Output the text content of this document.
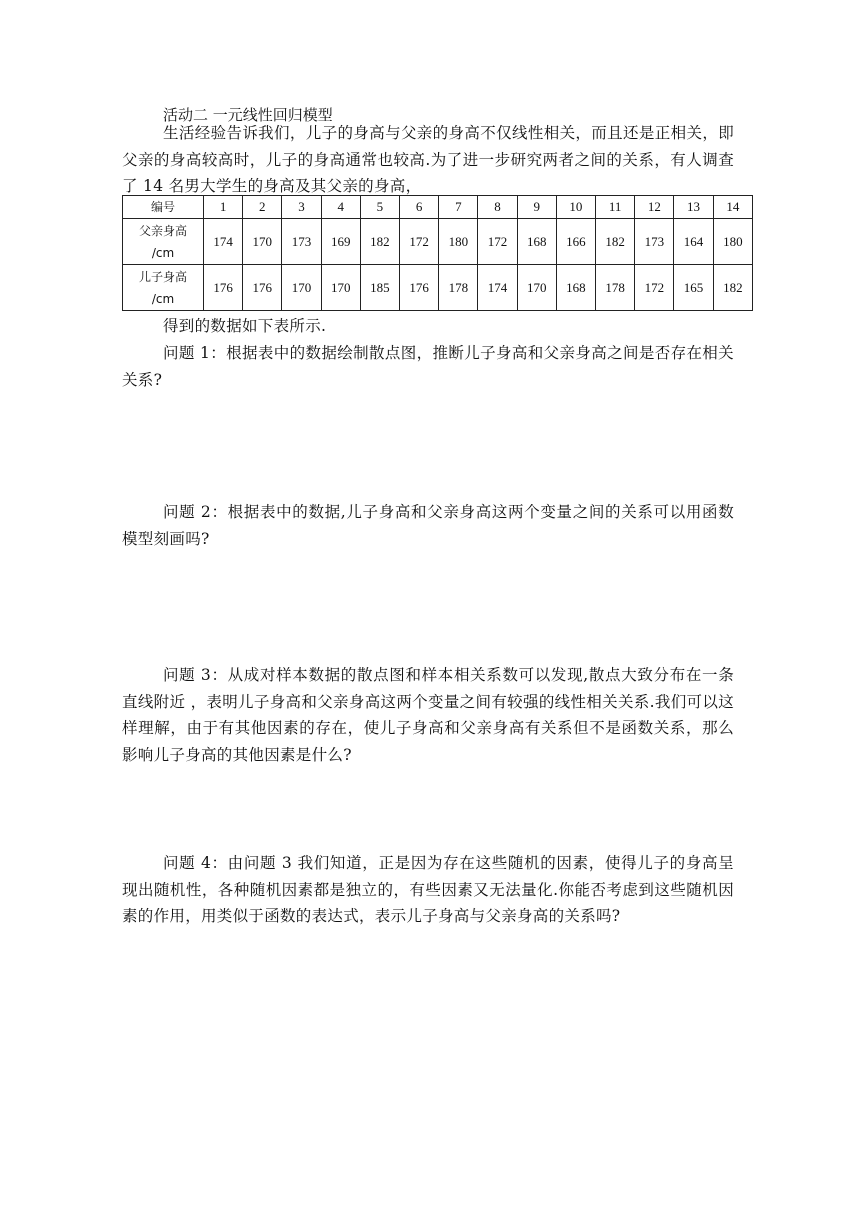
活动二 一元线性回归模型
生活经验告诉我们，儿子的身高与父亲的身高不仅线性相关，而且还是正相关，即父亲的身高较高时，儿子的身高通常也较高.为了进一步研究两者之间的关系，有人调查了 14 名男大学生的身高及其父亲的身高，
编号	1	2	3	4	5	6	7	8	9	10	11	12	13	14

父亲身高
/cm	174	170	173	169	182	172	180	172	168	166	182	173	164	180

儿子身高
/cm	176	176	170	170	185	176	178	174	170	168	178	172	165	182
得到的数据如下表所示.
问题 1：根据表中的数据绘制散点图，推断儿子身高和父亲身高之间是否存在相关关系?
问题 2：根据表中的数据,儿子身高和父亲身高这两个变量之间的关系可以用函数模型刻画吗?
问题 3：从成对样本数据的散点图和样本相关系数可以发现,散点大致分布在一条直线附近 ，表明儿子身高和父亲身高这两个变量之间有较强的线性相关关系.我们可以这样理解，由于有其他因素的存在，使儿子身高和父亲身高有关系但不是函数关系，那么影响儿子身高的其他因素是什么?
问题 4：由问题 3 我们知道，正是因为存在这些随机的因素，使得儿子的身高呈现出随机性，各种随机因素都是独立的，有些因素又无法量化.你能否考虑到这些随机因素的作用，用类似于函数的表达式，表示儿子身高与父亲身高的关系吗?
